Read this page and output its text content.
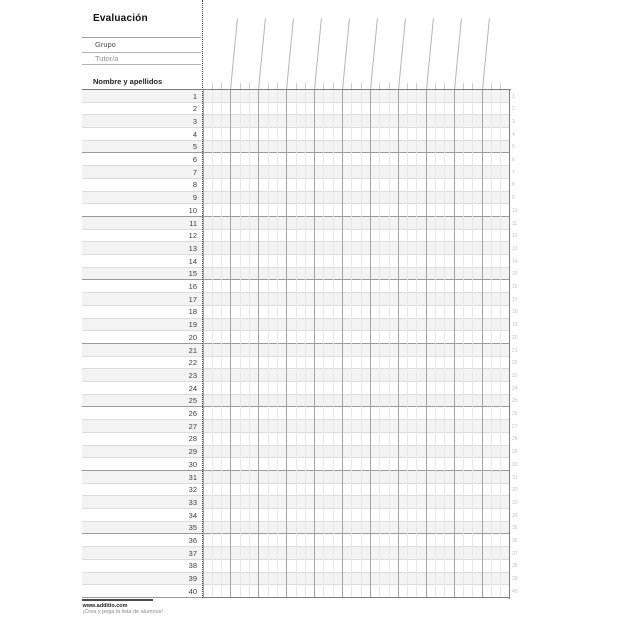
Evaluación
Grupo
Tutor/a
Nombre y apellidos
1
2
3
4
5
6
7
8
9
10
11
12
13
14
15
16
17
18
19
20
21
22
23
24
25
26
27
28
29
30
31
32
33
34
35
36
37
38
39
40
1
2
3
4
5
6
7
8
9
10
11
12
13
14
15
16
17
18
19
20
21
22
23
24
25
26
27
28
29
30
31
32
33
34
35
36
37
38
39
40
www.additio.com
¡Crea y pega la lista de alumnos!
